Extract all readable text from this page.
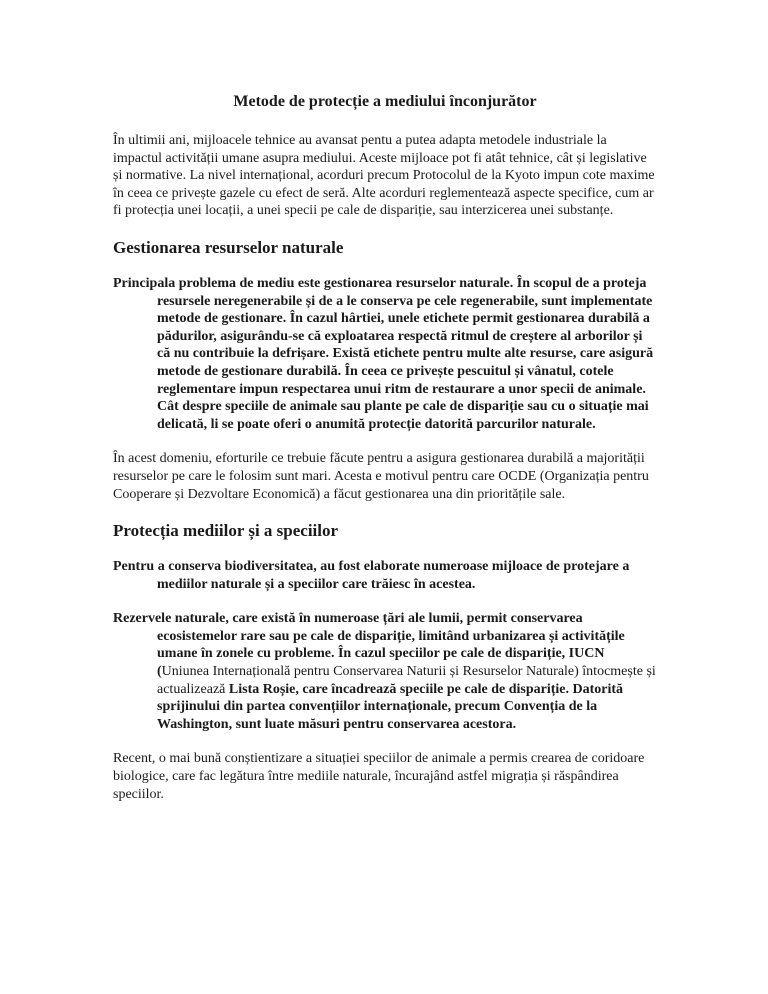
Metode de protecție a mediului înconjurător

În ultimii ani, mijloacele tehnice au avansat pentu a putea adapta metodele industriale la impactul activității umane asupra mediului. Aceste mijloace pot fi atât tehnice, cât și legislative și normative. La nivel internațional, acorduri precum Protocolul de la Kyoto impun cote maxime în ceea ce privește gazele cu efect de seră. Alte acorduri reglementează aspecte specifice, cum ar fi protecția unei locații, a unei specii pe cale de dispariție, sau interzicerea unei substanțe.

Gestionarea resurselor naturale

Principala problema de mediu este gestionarea resurselor naturale. În scopul de a proteja resursele neregenerabile și de a le conserva pe cele regenerabile, sunt implementate metode de gestionare. În cazul hârtiei, unele etichete permit gestionarea durabilă a pădurilor, asigurându-se că exploatarea respectă ritmul de creștere al arborilor și că nu contribuie la defrișare. Există etichete pentru multe alte resurse, care asigură metode de gestionare durabilă. În ceea ce privește pescuitul și vânatul, cotele reglementare impun respectarea unui ritm de restaurare a unor specii de animale. Cât despre speciile de animale sau plante pe cale de dispariție sau cu o situație mai delicată, li se poate oferi o anumită protecție datorită parcurilor naturale.

În acest domeniu, eforturile ce trebuie făcute pentru a asigura gestionarea durabilă a majorității resurselor pe care le folosim sunt mari. Acesta e motivul pentru care OCDE (Organizația pentru Cooperare și Dezvoltare Economică) a făcut gestionarea una din prioritățile sale.

Protecția mediilor și a speciilor

Pentru a conserva biodiversitatea, au fost elaborate numeroase mijloace de protejare a mediilor naturale și a speciilor care trăiesc în acestea.

Rezervele naturale, care există în numeroase țări ale lumii, permit conservarea ecosistemelor rare sau pe cale de dispariție, limitând urbanizarea și activitățile umane în zonele cu probleme. În cazul speciilor pe cale de dispariție, IUCN (Uniunea Internațională pentru Conservarea Naturii și Resurselor Naturale) întocmește și actualizează Lista Roșie, care încadrează speciile pe cale de dispariție. Datorită sprijinului din partea convențiilor internaționale, precum Convenția de la Washington, sunt luate măsuri pentru conservarea acestora.

Recent, o mai bună conștientizare a situației speciilor de animale a permis crearea de coridoare biologice, care fac legătura între mediile naturale, încurajând astfel migrația și răspândirea speciilor.
